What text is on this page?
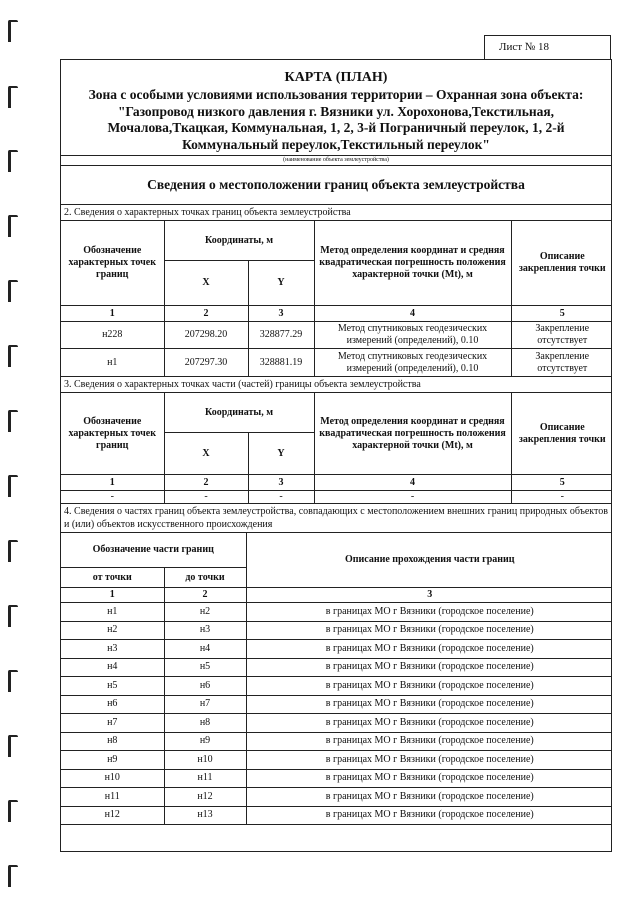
Лист № 18
КАРТА (ПЛАН)
Зона с особыми условиями использования территории – Охранная зона объекта:
"Газопровод низкого давления г. Вязники ул. Хорохонова,Текстильная,
Мочалова,Ткацкая, Коммунальная, 1, 2, 3-й Пограничный переулок, 1, 2-й
Коммунальный переулок,Текстильный переулок"
(наименование объекта землеустройства)
Сведения о местоположении границ объекта землеустройства
2. Сведения о характерных точках границ объекта землеустройства
Обозначение характерных точек границ	Координаты, м		Метод определения координат и средняя квадратическая погрешность положения характерной точки (Mt), м	Описание закрепления точки
	X	Y		
1	2	3	4	5
н228	207298.20	328877.29	Метод спутниковых геодезических измерений (определений), 0.10	Закрепление отсутствует
н1	207297.30	328881.19	Метод спутниковых геодезических измерений (определений), 0.10	Закрепление отсутствует
3. Сведения о характерных точках части (частей) границы объекта землеустройства
Обозначение характерных точек границ	Координаты, м		Метод определения координат и средняя квадратическая погрешность положения характерной точки (Mt), м	Описание закрепления точки
	X	Y		
1	2	3	4	5
-	-	-	-	-
4. Сведения о частях границ объекта землеустройства, совпадающих с местоположением внешних границ природных объектов и (или) объектов искусственного происхождения
Обозначение части границ		Описание прохождения части границ
от точки	до точки	
1	2	3
н1	н2	в границах МО г Вязники (городское поселение)
н2	н3	в границах МО г Вязники (городское поселение)
н3	н4	в границах МО г Вязники (городское поселение)
н4	н5	в границах МО г Вязники (городское поселение)
н5	н6	в границах МО г Вязники (городское поселение)
н6	н7	в границах МО г Вязники (городское поселение)
н7	н8	в границах МО г Вязники (городское поселение)
н8	н9	в границах МО г Вязники (городское поселение)
н9	н10	в границах МО г Вязники (городское поселение)
н10	н11	в границах МО г Вязники (городское поселение)
н11	н12	в границах МО г Вязники (городское поселение)
н12	н13	в границах МО г Вязники (городское поселение)
